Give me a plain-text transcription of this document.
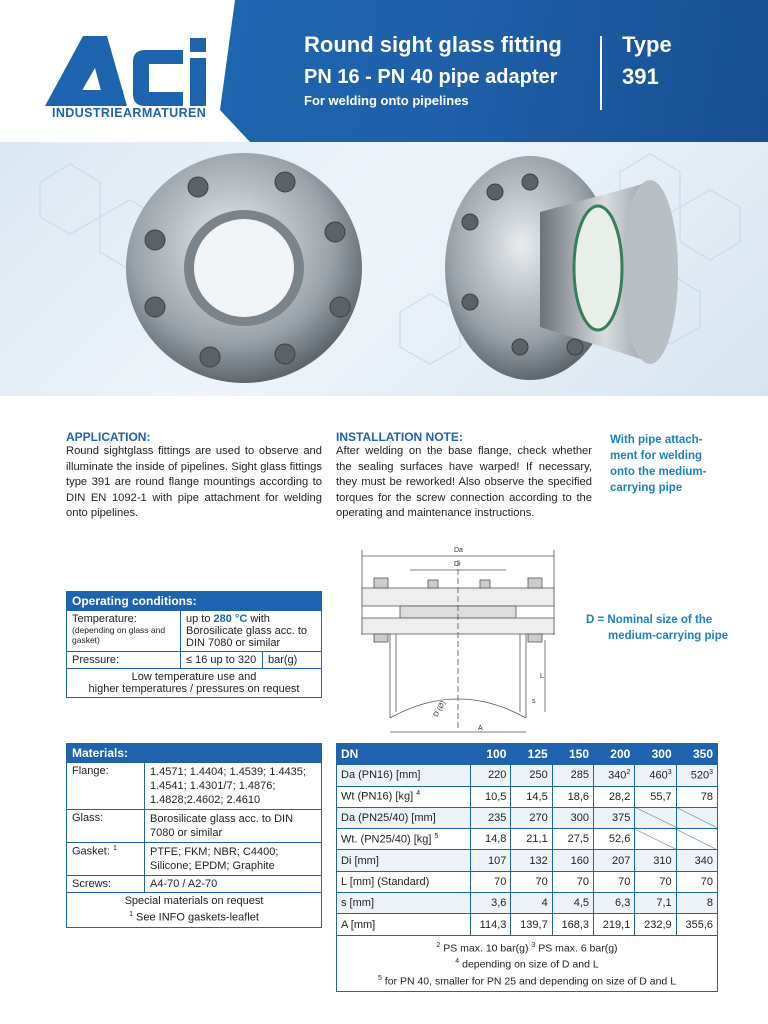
INDUSTRIEARMATUREN
Round sight glass fitting
PN 16 - PN 40 pipe adapter
For welding onto pipelines
Type
391
APPLICATION:
Round sightglass fittings are used to observe and illuminate the inside of pipelines. Sight glass fittings type 391 are round flange mountings according to DIN EN 1092-1 with pipe attachment for welding onto pipelines.
INSTALLATION NOTE:
After welding on the base flange, check whether the sealing surfaces have warped! If necessary, they must be reworked! Also observe the specified torques for the screw connection according to the operating and maintenance instructions.
With pipe attach-
ment for welding
onto the medium-
carrying pipe
Da
Di
A
L
s
D (Ø)
D = Nominal size of the
medium-carrying pipe
Operating conditions:		

Temperature:
(depending on glass and gasket)	up to 280 °C with Borosilicate glass acc. to DIN 7080 or similar	
Pressure:	≤ 16 up to 320	bar(g)

Low temperature use and
higher temperatures / pressures on request		
Materials:	
Flange:	1.4571; 1.4404; 1.4539; 1.4435; 1.4541; 1.4301/7; 1.4876; 1.4828;2.4602; 2.4610
Glass:	Borosilicate glass acc. to DIN 7080 or similar
Gasket: $^1$	PTFE; FKM; NBR; C4400; Silicone; EPDM; Graphite
Screws:	A4-70 / A2-70

Special materials on request
$^1$ See INFO gaskets-leaflet	
DN	100	125	150	200	300	350
Da (PN16) [mm]	220	250	285	$340^2$	$460^3$	$520^3$
Wt (PN16) [kg] $^4$	10,5	14,5	18,6	28,2	55,7	78
Da (PN25/40) [mm]	235	270	300	375		
Wt. (PN25/40) [kg] $^5$	14,8	21,1	27,5	52,6		
Di [mm]	107	132	160	207	310	340
L [mm] (Standard)	70	70	70	70	70	70
s [mm]	3,6	4	4,5	6,3	7,1	8
A [mm]	114,3	139,7	168,3	219,1	232,9	355,6

$^2$ PS max. 10 bar(g) $^3$ PS max. 6 bar(g)
$^4$ depending on size of D and L
$^5$ for PN 40, smaller for PN 25 and depending on size of D and L						
